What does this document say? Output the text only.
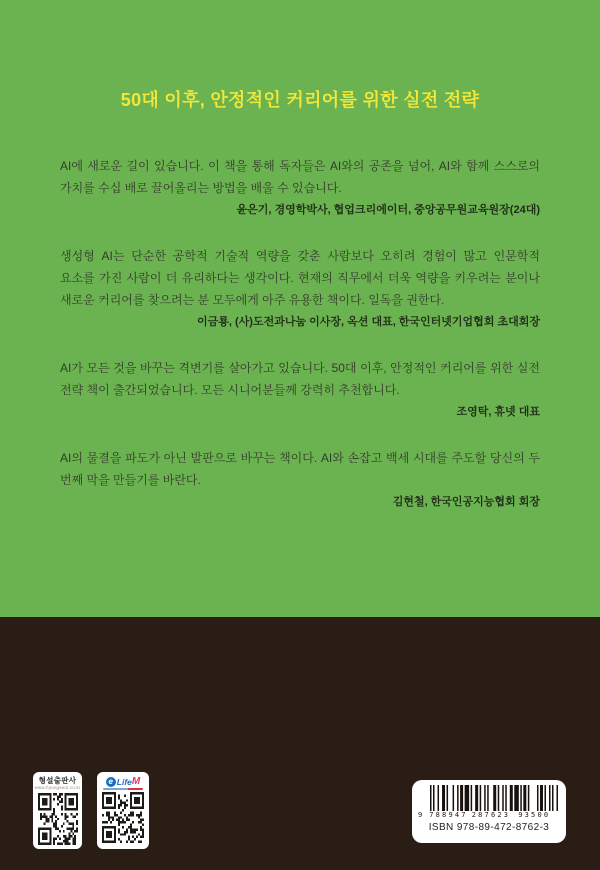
50대 이후, 안정적인 커리어를 위한 실전 전략

AI에 새로운 길이 있습니다. 이 책을 통해 독자들은 AI와의 공존을 넘어, AI와 함께 스스로의 가치를 수십 배로 끌어올리는 방법을 배울 수 있습니다.

윤은기, 경영학박사, 협업크리에이터, 중앙공무원교육원장(24대)

생성형 AI는 단순한 공학적 기술적 역량을 갖춘 사람보다 오히려 경험이 많고 인문학적 요소를 가진 사람이 더 유리하다는 생각이다. 현재의 직무에서 더욱 역량을 키우려는 분이나 새로운 커리어를 찾으려는 분 모두에게 아주 유용한 책이다. 일독을 권한다.

이금룡, (사)도전과나눔 이사장, 옥션 대표, 한국인터넷기업협회 초대회장

AI가 모든 것을 바꾸는 격변기를 살아가고 있습니다. 50대 이후, 안정적인 커리어를 위한 실전 전략 책이 출간되었습니다. 모든 시니어분들께 강력히 추천합니다.

조영탁, 휴넷 대표

AI의 물결을 파도가 아닌 발판으로 바꾸는 책이다. AI와 손잡고 백세 시대를 주도할 당신의 두 번째 막을 만들기를 바란다.

김현철, 한국인공지능협회 회장

형설출판사
www.hyungseul.co.kr
e Life M
9 788947 287623 93500
ISBN 978-89-472-8762-3
